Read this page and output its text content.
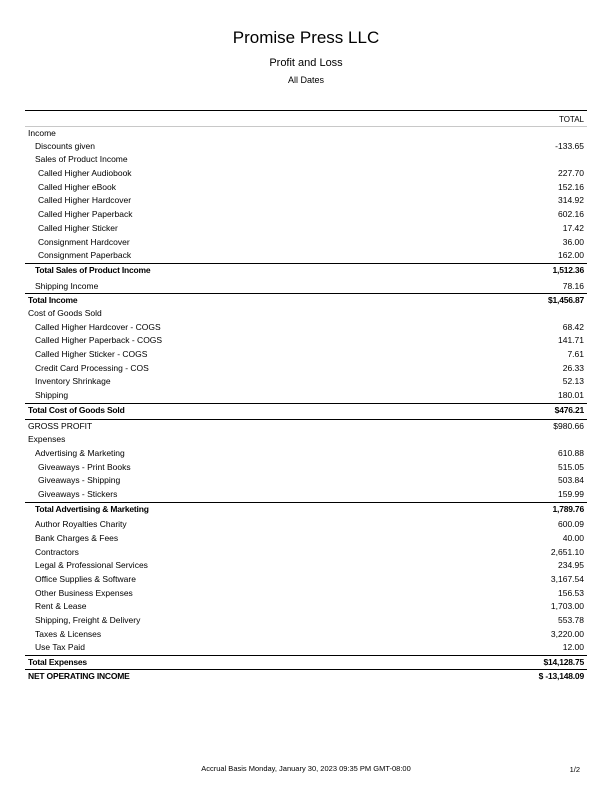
Promise Press LLC
Profit and Loss
All Dates
TOTAL
Income
Discounts given	-133.65
Sales of Product Income
Called Higher Audiobook	227.70
Called Higher eBook	152.16
Called Higher Hardcover	314.92
Called Higher Paperback	602.16
Called Higher Sticker	17.42
Consignment Hardcover	36.00
Consignment Paperback	162.00
Total Sales of Product Income	1,512.36
Shipping Income	78.16
Total Income	$1,456.87
Cost of Goods Sold
Called Higher Hardcover - COGS	68.42
Called Higher Paperback - COGS	141.71
Called Higher Sticker - COGS	7.61
Credit Card Processing - COS	26.33
Inventory Shrinkage	52.13
Shipping	180.01
Total Cost of Goods Sold	$476.21
GROSS PROFIT	$980.66
Expenses
Advertising & Marketing	610.88
Giveaways - Print Books	515.05
Giveaways - Shipping	503.84
Giveaways - Stickers	159.99
Total Advertising & Marketing	1,789.76
Author Royalties Charity	600.09
Bank Charges & Fees	40.00
Contractors	2,651.10
Legal & Professional Services	234.95
Office Supplies & Software	3,167.54
Other Business Expenses	156.53
Rent & Lease	1,703.00
Shipping, Freight & Delivery	553.78
Taxes & Licenses	3,220.00
Use Tax Paid	12.00
Total Expenses	$14,128.75
NET OPERATING INCOME	$ -13,148.09
Accrual Basis Monday, January 30, 2023 09:35 PM GMT-08:00	1/2
